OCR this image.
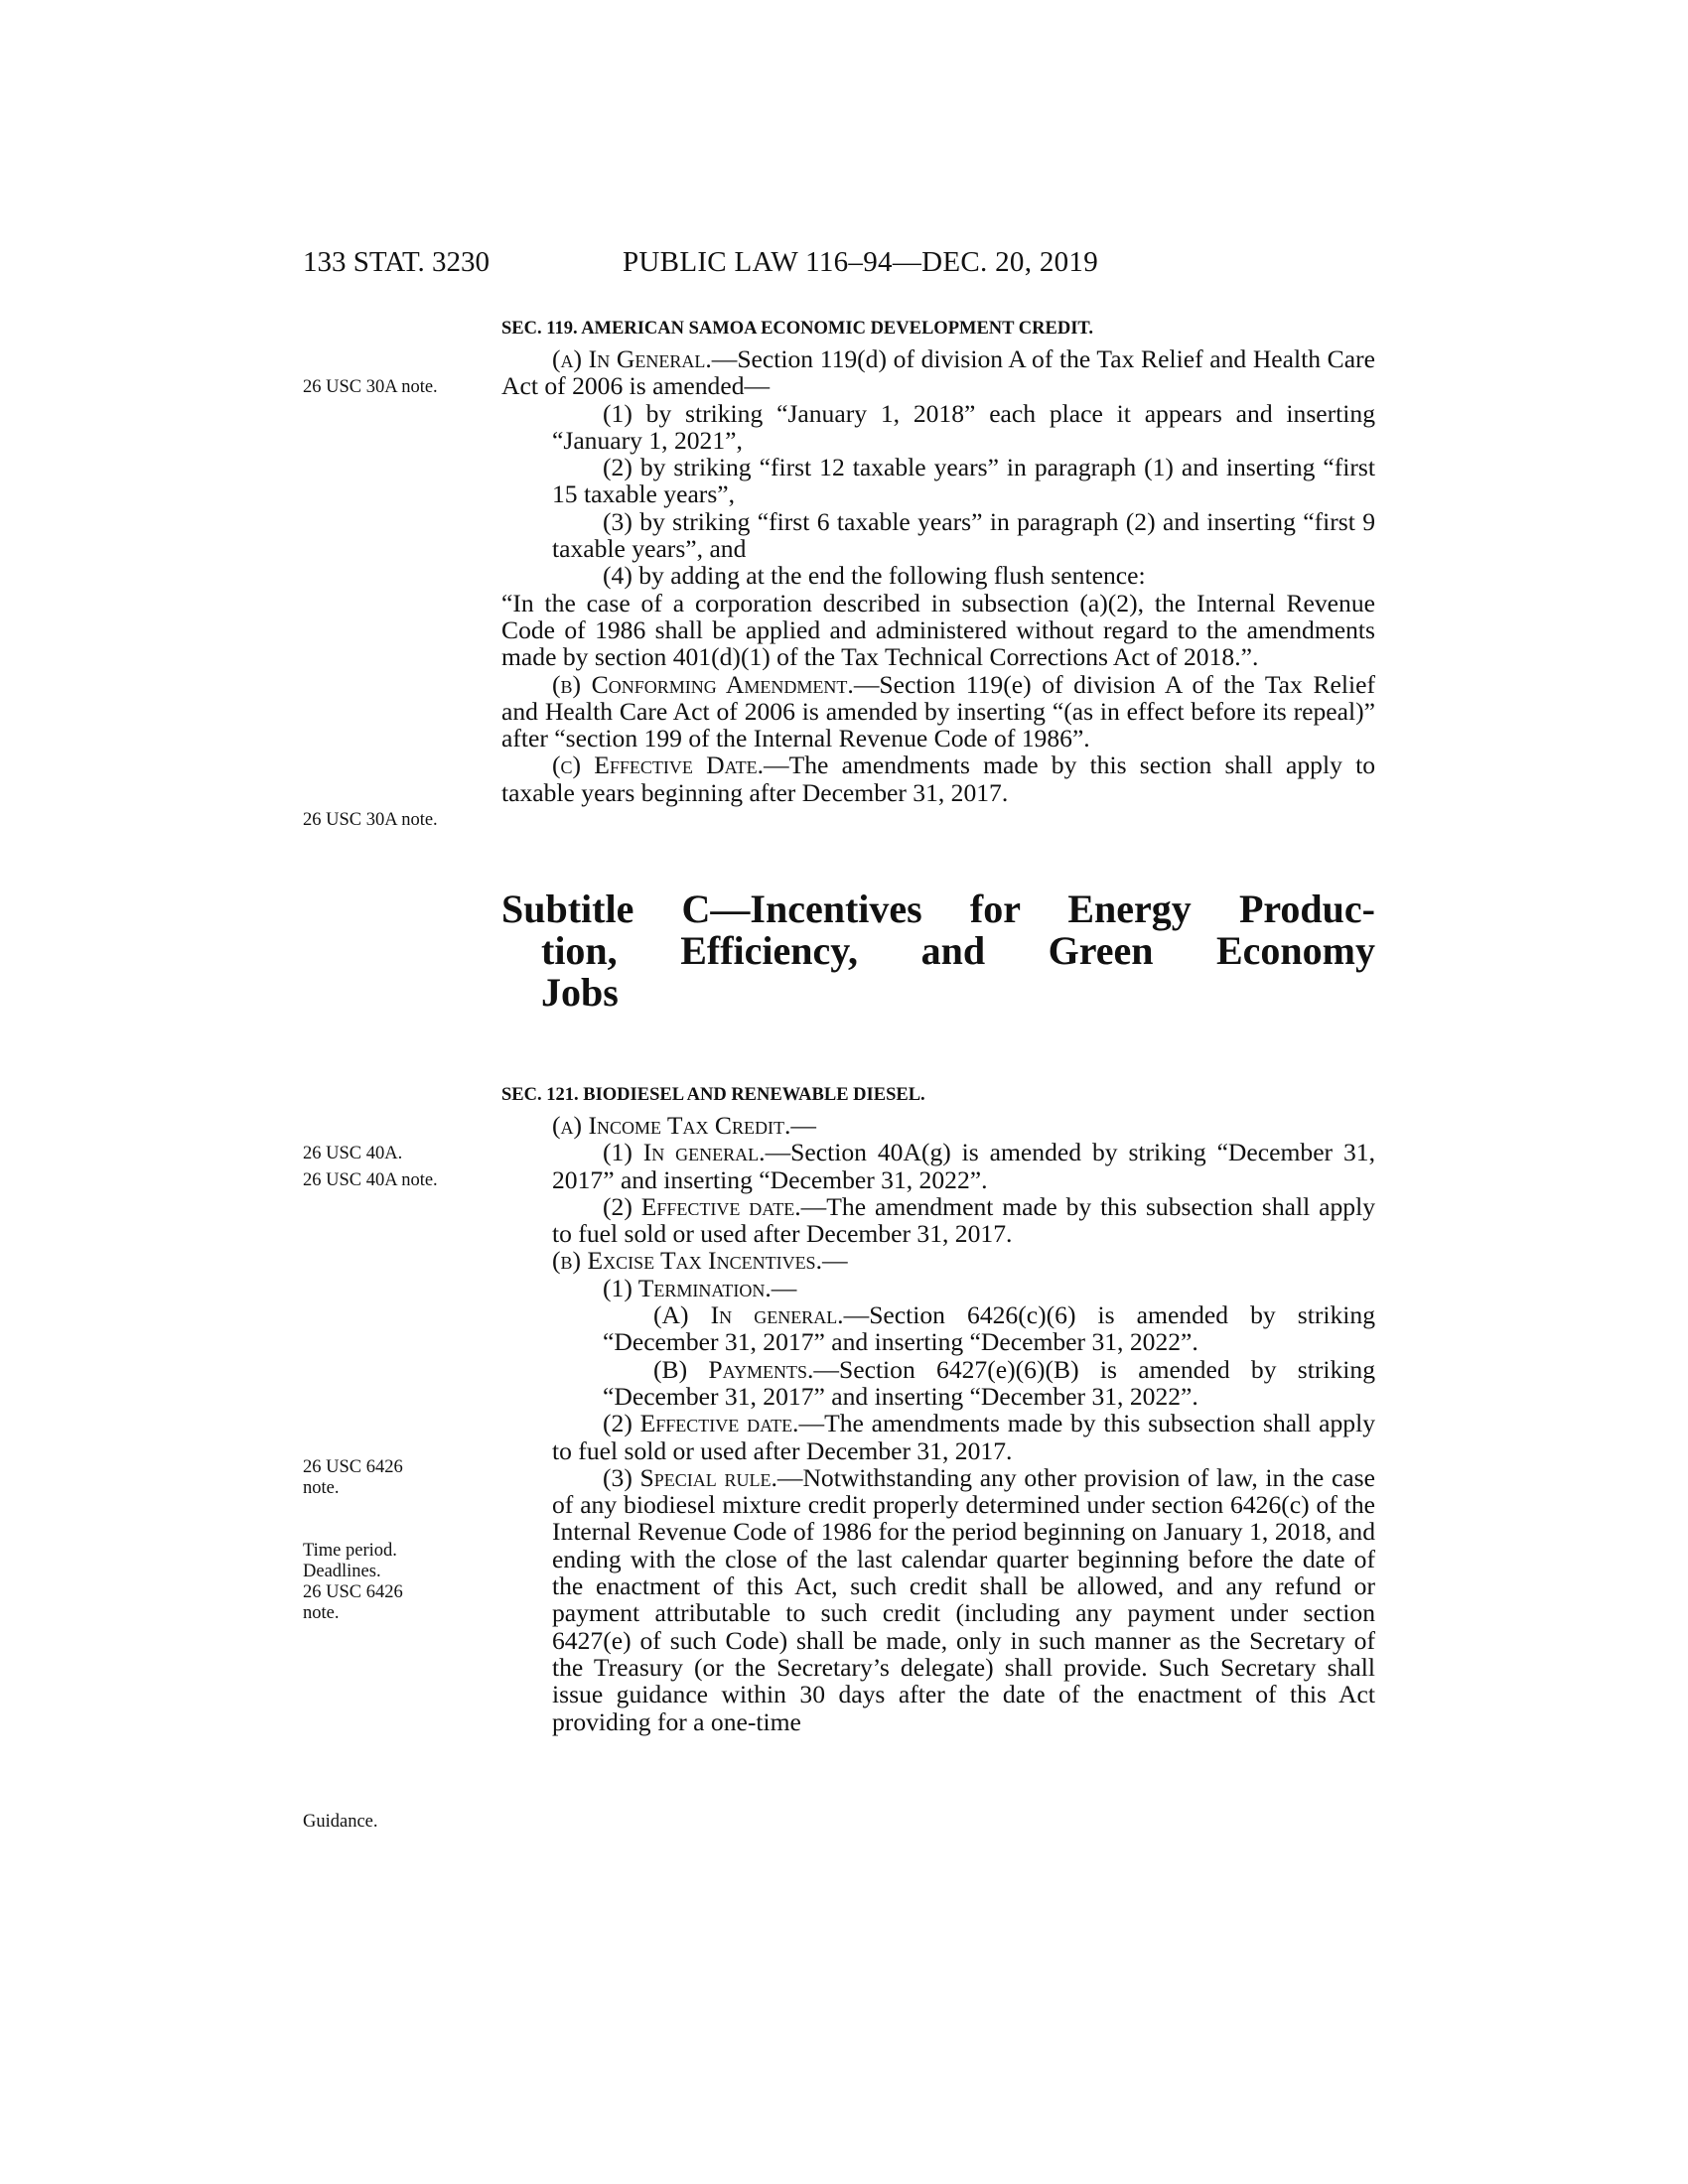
133 STAT. 3230	PUBLIC LAW 116–94—DEC. 20, 2019
SEC. 119. AMERICAN SAMOA ECONOMIC DEVELOPMENT CREDIT.

(a) In General.—Section 119(d) of division A of the Tax Relief and Health Care Act of 2006 is amended—

(1) by striking “January 1, 2018” each place it appears and inserting “January 1, 2021”,

(2) by striking “first 12 taxable years” in paragraph (1) and inserting “first 15 taxable years”,

(3) by striking “first 6 taxable years” in paragraph (2) and inserting “first 9 taxable years”, and

(4) by adding at the end the following flush sentence:

“In the case of a corporation described in subsection (a)(2), the Internal Revenue Code of 1986 shall be applied and administered without regard to the amendments made by section 401(d)(1) of the Tax Technical Corrections Act of 2018.”.

(b) Conforming Amendment.—Section 119(e) of division A of the Tax Relief and Health Care Act of 2006 is amended by inserting “(as in effect before its repeal)” after “section 199 of the Internal Revenue Code of 1986”.

(c) Effective Date.—The amendments made by this section shall apply to taxable years beginning after December 31, 2017.

Subtitle C—Incentives for Energy Produc-
tion, Efficiency, and Green Economy
Jobs
SEC. 121. BIODIESEL AND RENEWABLE DIESEL.

(a) Income Tax Credit.—

(1) In general.—Section 40A(g) is amended by striking “December 31, 2017” and inserting “December 31, 2022”.

(2) Effective date.—The amendment made by this subsection shall apply to fuel sold or used after December 31, 2017.

(b) Excise Tax Incentives.—

(1) Termination.—

(A) In general.—Section 6426(c)(6) is amended by striking “December 31, 2017” and inserting “December 31, 2022”.

(B) Payments.—Section 6427(e)(6)(B) is amended by striking “December 31, 2017” and inserting “December 31, 2022”.

(2) Effective date.—The amendments made by this subsection shall apply to fuel sold or used after December 31, 2017.

(3) Special rule.—Notwithstanding any other provision of law, in the case of any biodiesel mixture credit properly determined under section 6426(c) of the Internal Revenue Code of 1986 for the period beginning on January 1, 2018, and ending with the close of the last calendar quarter beginning before the date of the enactment of this Act, such credit shall be allowed, and any refund or payment attributable to such credit (including any payment under section 6427(e) of such Code) shall be made, only in such manner as the Secretary of the Treasury (or the Secretary’s delegate) shall provide. Such Secretary shall issue guidance within 30 days after the date of the enactment of this Act providing for a one-time

26 USC 30A note.
26 USC 30A note.
26 USC 40A.
26 USC 40A note.
26 USC 6426
note.
Time period.
Deadlines.
26 USC 6426
note.
Guidance.
